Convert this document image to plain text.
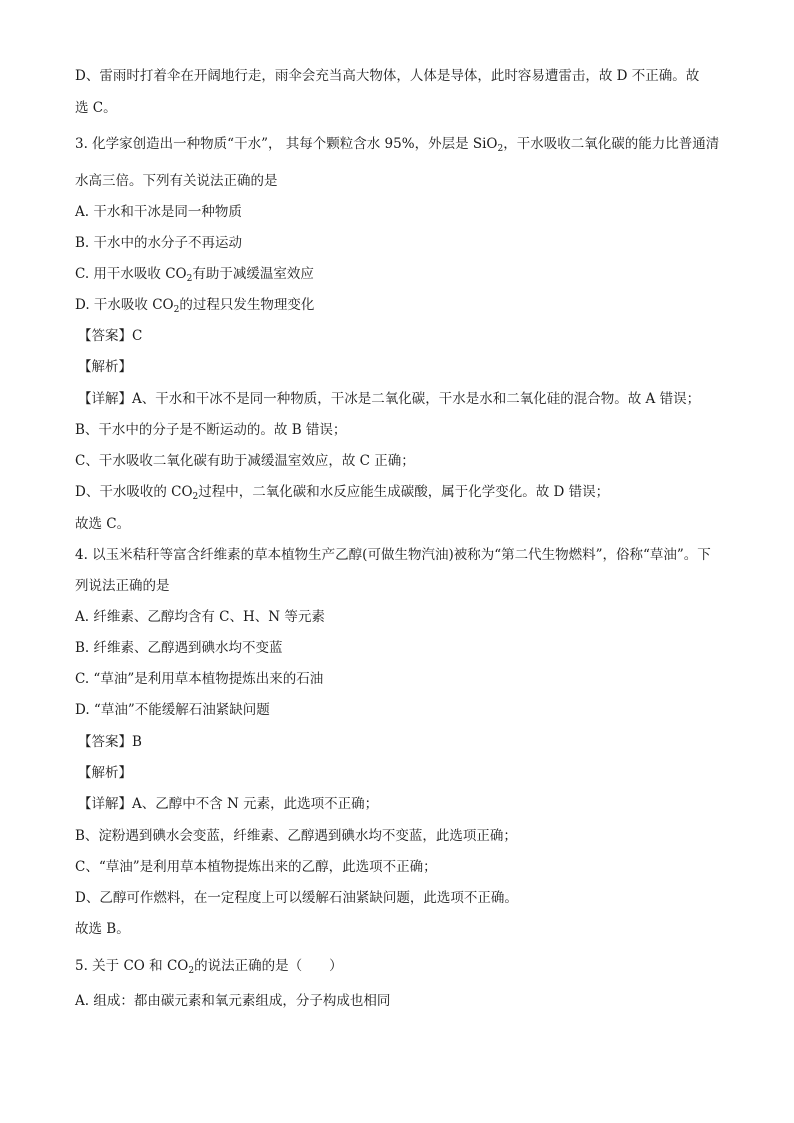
D、雷雨时打着伞在开阔地行走，雨伞会充当高大物体，人体是导体，此时容易遭雷击，故 D 不正确。故
选 C。
3. 化学家创造出一种物质“干水”， 其每个颗粒含水 95%，外层是 SiO$_2$，干水吸收二氧化碳的能力比普通清
水高三倍。下列有关说法正确的是
A. 干水和干冰是同一种物质
B. 干水中的水分子不再运动
C. 用干水吸收 $CO_2$有助于减缓温室效应
D. 干水吸收 $CO_2$的过程只发生物理变化
【答案】C
【解析】
【详解】A、干水和干冰不是同一种物质，干冰是二氧化碳，干水是水和二氧化硅的混合物。故 A 错误；
B、干水中的分子是不断运动的。故 B 错误；
C、干水吸收二氧化碳有助于减缓温室效应，故 C 正确；
D、干水吸收的 $CO_2$过程中，二氧化碳和水反应能生成碳酸，属于化学变化。故 D 错误；
故选 C。
4. 以玉米秸秆等富含纤维素的草本植物生产乙醇(可做生物汽油)被称为“第二代生物燃料”，俗称“草油”。下
列说法正确的是
A. 纤维素、乙醇均含有 C、H、N 等元素
B. 纤维素、乙醇遇到碘水均不变蓝
C. “草油”是利用草本植物提炼出来的石油
D. “草油”不能缓解石油紧缺问题
【答案】B
【解析】
【详解】A、乙醇中不含 N 元素，此选项不正确；
B、淀粉遇到碘水会变蓝，纤维素、乙醇遇到碘水均不变蓝，此选项正确；
C、“草油”是利用草本植物提炼出来的乙醇，此选项不正确；
D、乙醇可作燃料，在一定程度上可以缓解石油紧缺问题，此选项不正确。
故选 B。
5. 关于 CO 和 $CO_2$的说法正确的是（　　）
A. 组成：都由碳元素和氧元素组成，分子构成也相同
